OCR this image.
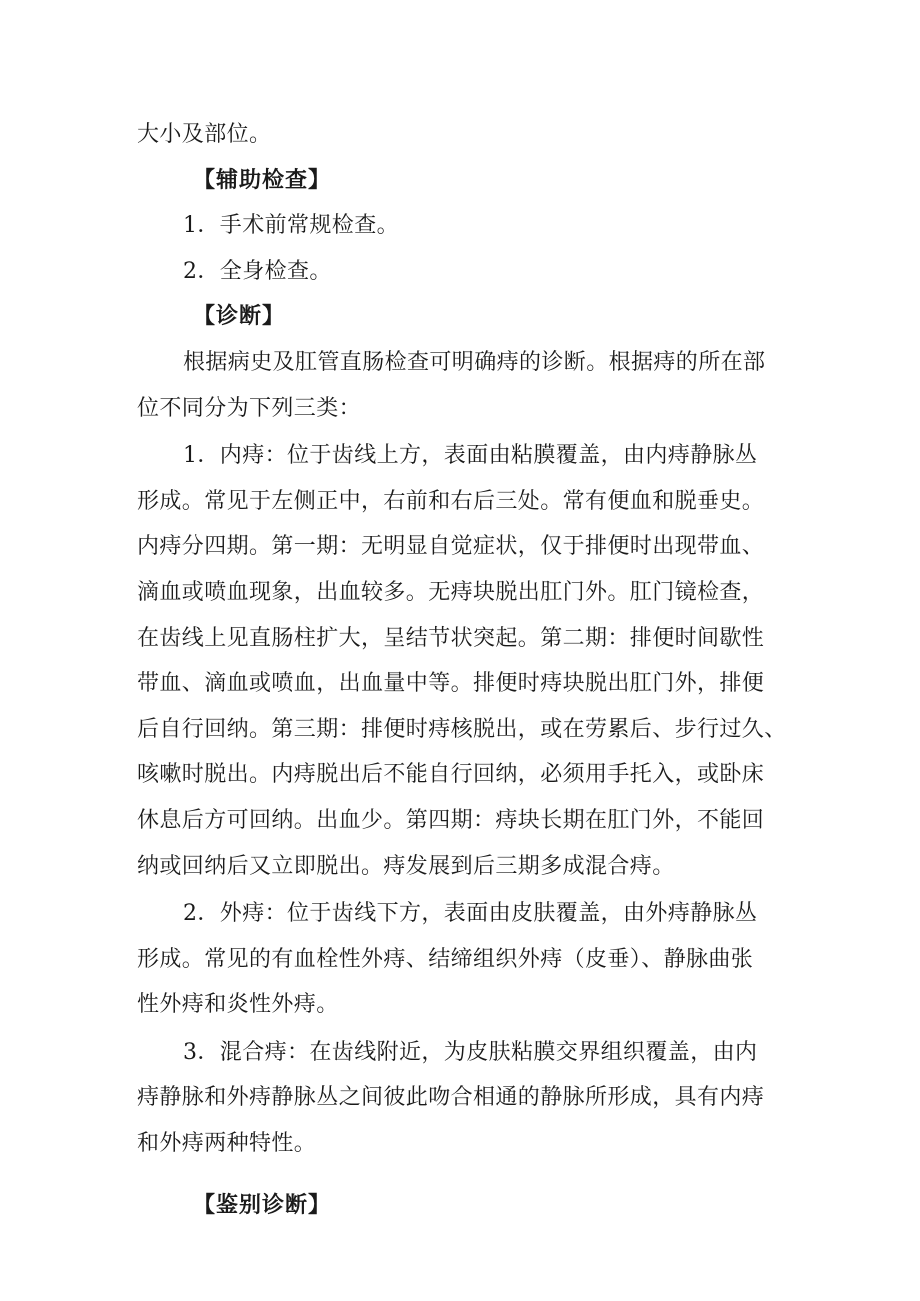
大小及部位。
【辅助检查】
1．手术前常规检查。
2．全身检查。
【诊断】
根据病史及肛管直肠检查可明确痔的诊断。根据痔的所在部
位不同分为下列三类：
1．内痔：位于齿线上方，表面由粘膜覆盖，由内痔静脉丛
形成。常见于左侧正中，右前和右后三处。常有便血和脱垂史。
内痔分四期。第一期：无明显自觉症状，仅于排便时出现带血、
滴血或喷血现象，出血较多。无痔块脱出肛门外。肛门镜检查，
在齿线上见直肠柱扩大，呈结节状突起。第二期：排便时间歇性
带血、滴血或喷血，出血量中等。排便时痔块脱出肛门外，排便
后自行回纳。第三期：排便时痔核脱出，或在劳累后、步行过久、
咳嗽时脱出。内痔脱出后不能自行回纳，必须用手托入，或卧床
休息后方可回纳。出血少。第四期：痔块长期在肛门外，不能回
纳或回纳后又立即脱出。痔发展到后三期多成混合痔。
2．外痔：位于齿线下方，表面由皮肤覆盖，由外痔静脉丛
形成。常见的有血栓性外痔、结缔组织外痔（皮垂）、静脉曲张
性外痔和炎性外痔。
3．混合痔：在齿线附近，为皮肤粘膜交界组织覆盖，由内
痔静脉和外痔静脉丛之间彼此吻合相通的静脉所形成，具有内痔
和外痔两种特性。
【鉴别诊断】
